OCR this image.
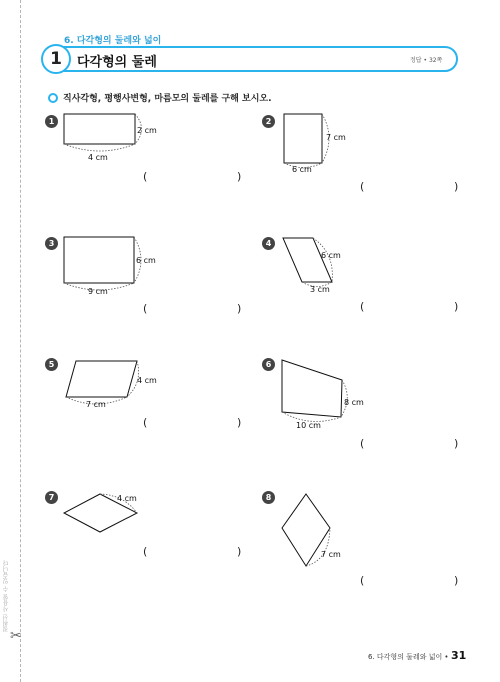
절취선 사용할 수 있습니다
✂
6. 다각형의 둘레와 넓이
1	다각형의 둘레	정답 • 32쪽
직사각형, 평행사변형, 마름모의 둘레를 구해 보시오.
1	2
3	4
5	6
7	8
2 cm
4 cm
7 cm
6 cm
6 cm
9 cm
6 cm
3 cm
4 cm
7 cm	8 cm
10 cm
4 cm
7 cm
(	)
(	)
(	)	(	)
(	)
(	)
(	)
(	)
6. 다각형의 둘레와 넓이 • 31
